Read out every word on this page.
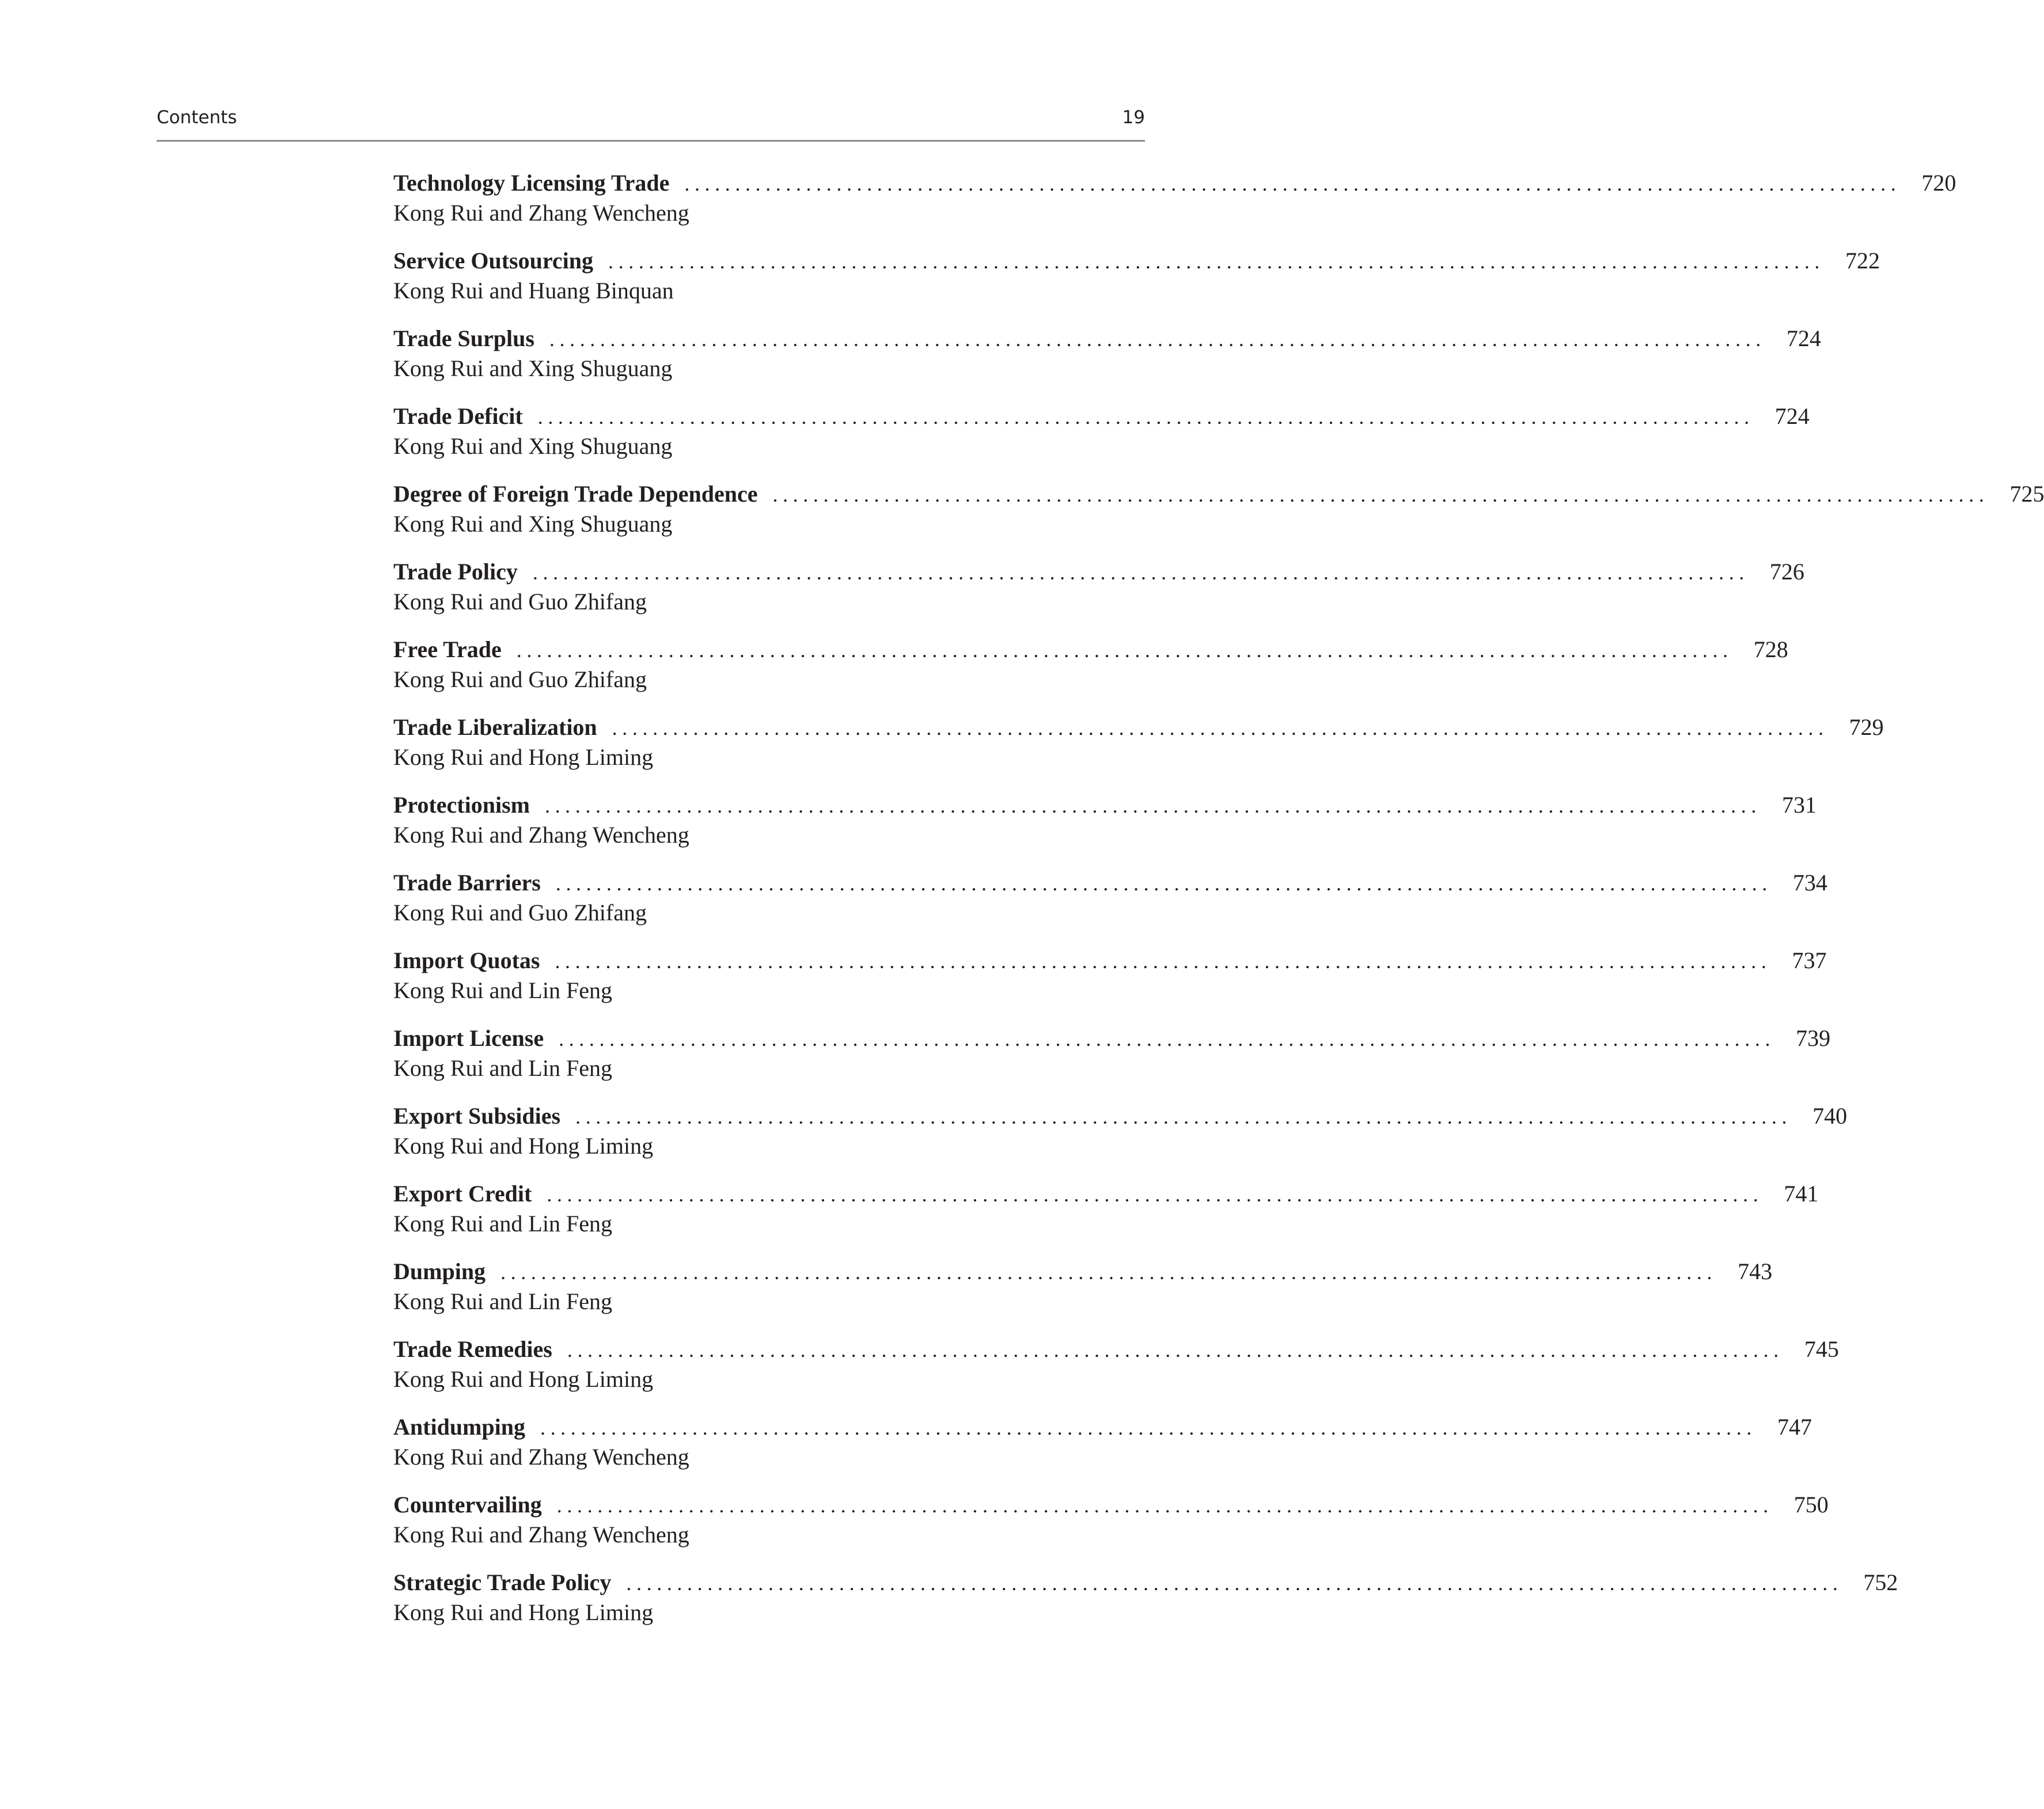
Contents	19
Technology Licensing Trade ........................................................................................................................ 720
Kong Rui and Zhang Wencheng
Service Outsourcing ........................................................................................................................ 722
Kong Rui and Huang Binquan
Trade Surplus ........................................................................................................................ 724
Kong Rui and Xing Shuguang
Trade Deficit ........................................................................................................................ 724
Kong Rui and Xing Shuguang
Degree of Foreign Trade Dependence ........................................................................................................................ 725
Kong Rui and Xing Shuguang
Trade Policy ........................................................................................................................ 726
Kong Rui and Guo Zhifang
Free Trade ........................................................................................................................ 728
Kong Rui and Guo Zhifang
Trade Liberalization ........................................................................................................................ 729
Kong Rui and Hong Liming
Protectionism ........................................................................................................................ 731
Kong Rui and Zhang Wencheng
Trade Barriers ........................................................................................................................ 734
Kong Rui and Guo Zhifang
Import Quotas ........................................................................................................................ 737
Kong Rui and Lin Feng
Import License ........................................................................................................................ 739
Kong Rui and Lin Feng
Export Subsidies ........................................................................................................................ 740
Kong Rui and Hong Liming
Export Credit ........................................................................................................................ 741
Kong Rui and Lin Feng
Dumping ........................................................................................................................ 743
Kong Rui and Lin Feng
Trade Remedies ........................................................................................................................ 745
Kong Rui and Hong Liming
Antidumping ........................................................................................................................ 747
Kong Rui and Zhang Wencheng
Countervailing ........................................................................................................................ 750
Kong Rui and Zhang Wencheng
Strategic Trade Policy ........................................................................................................................ 752
Kong Rui and Hong Liming
